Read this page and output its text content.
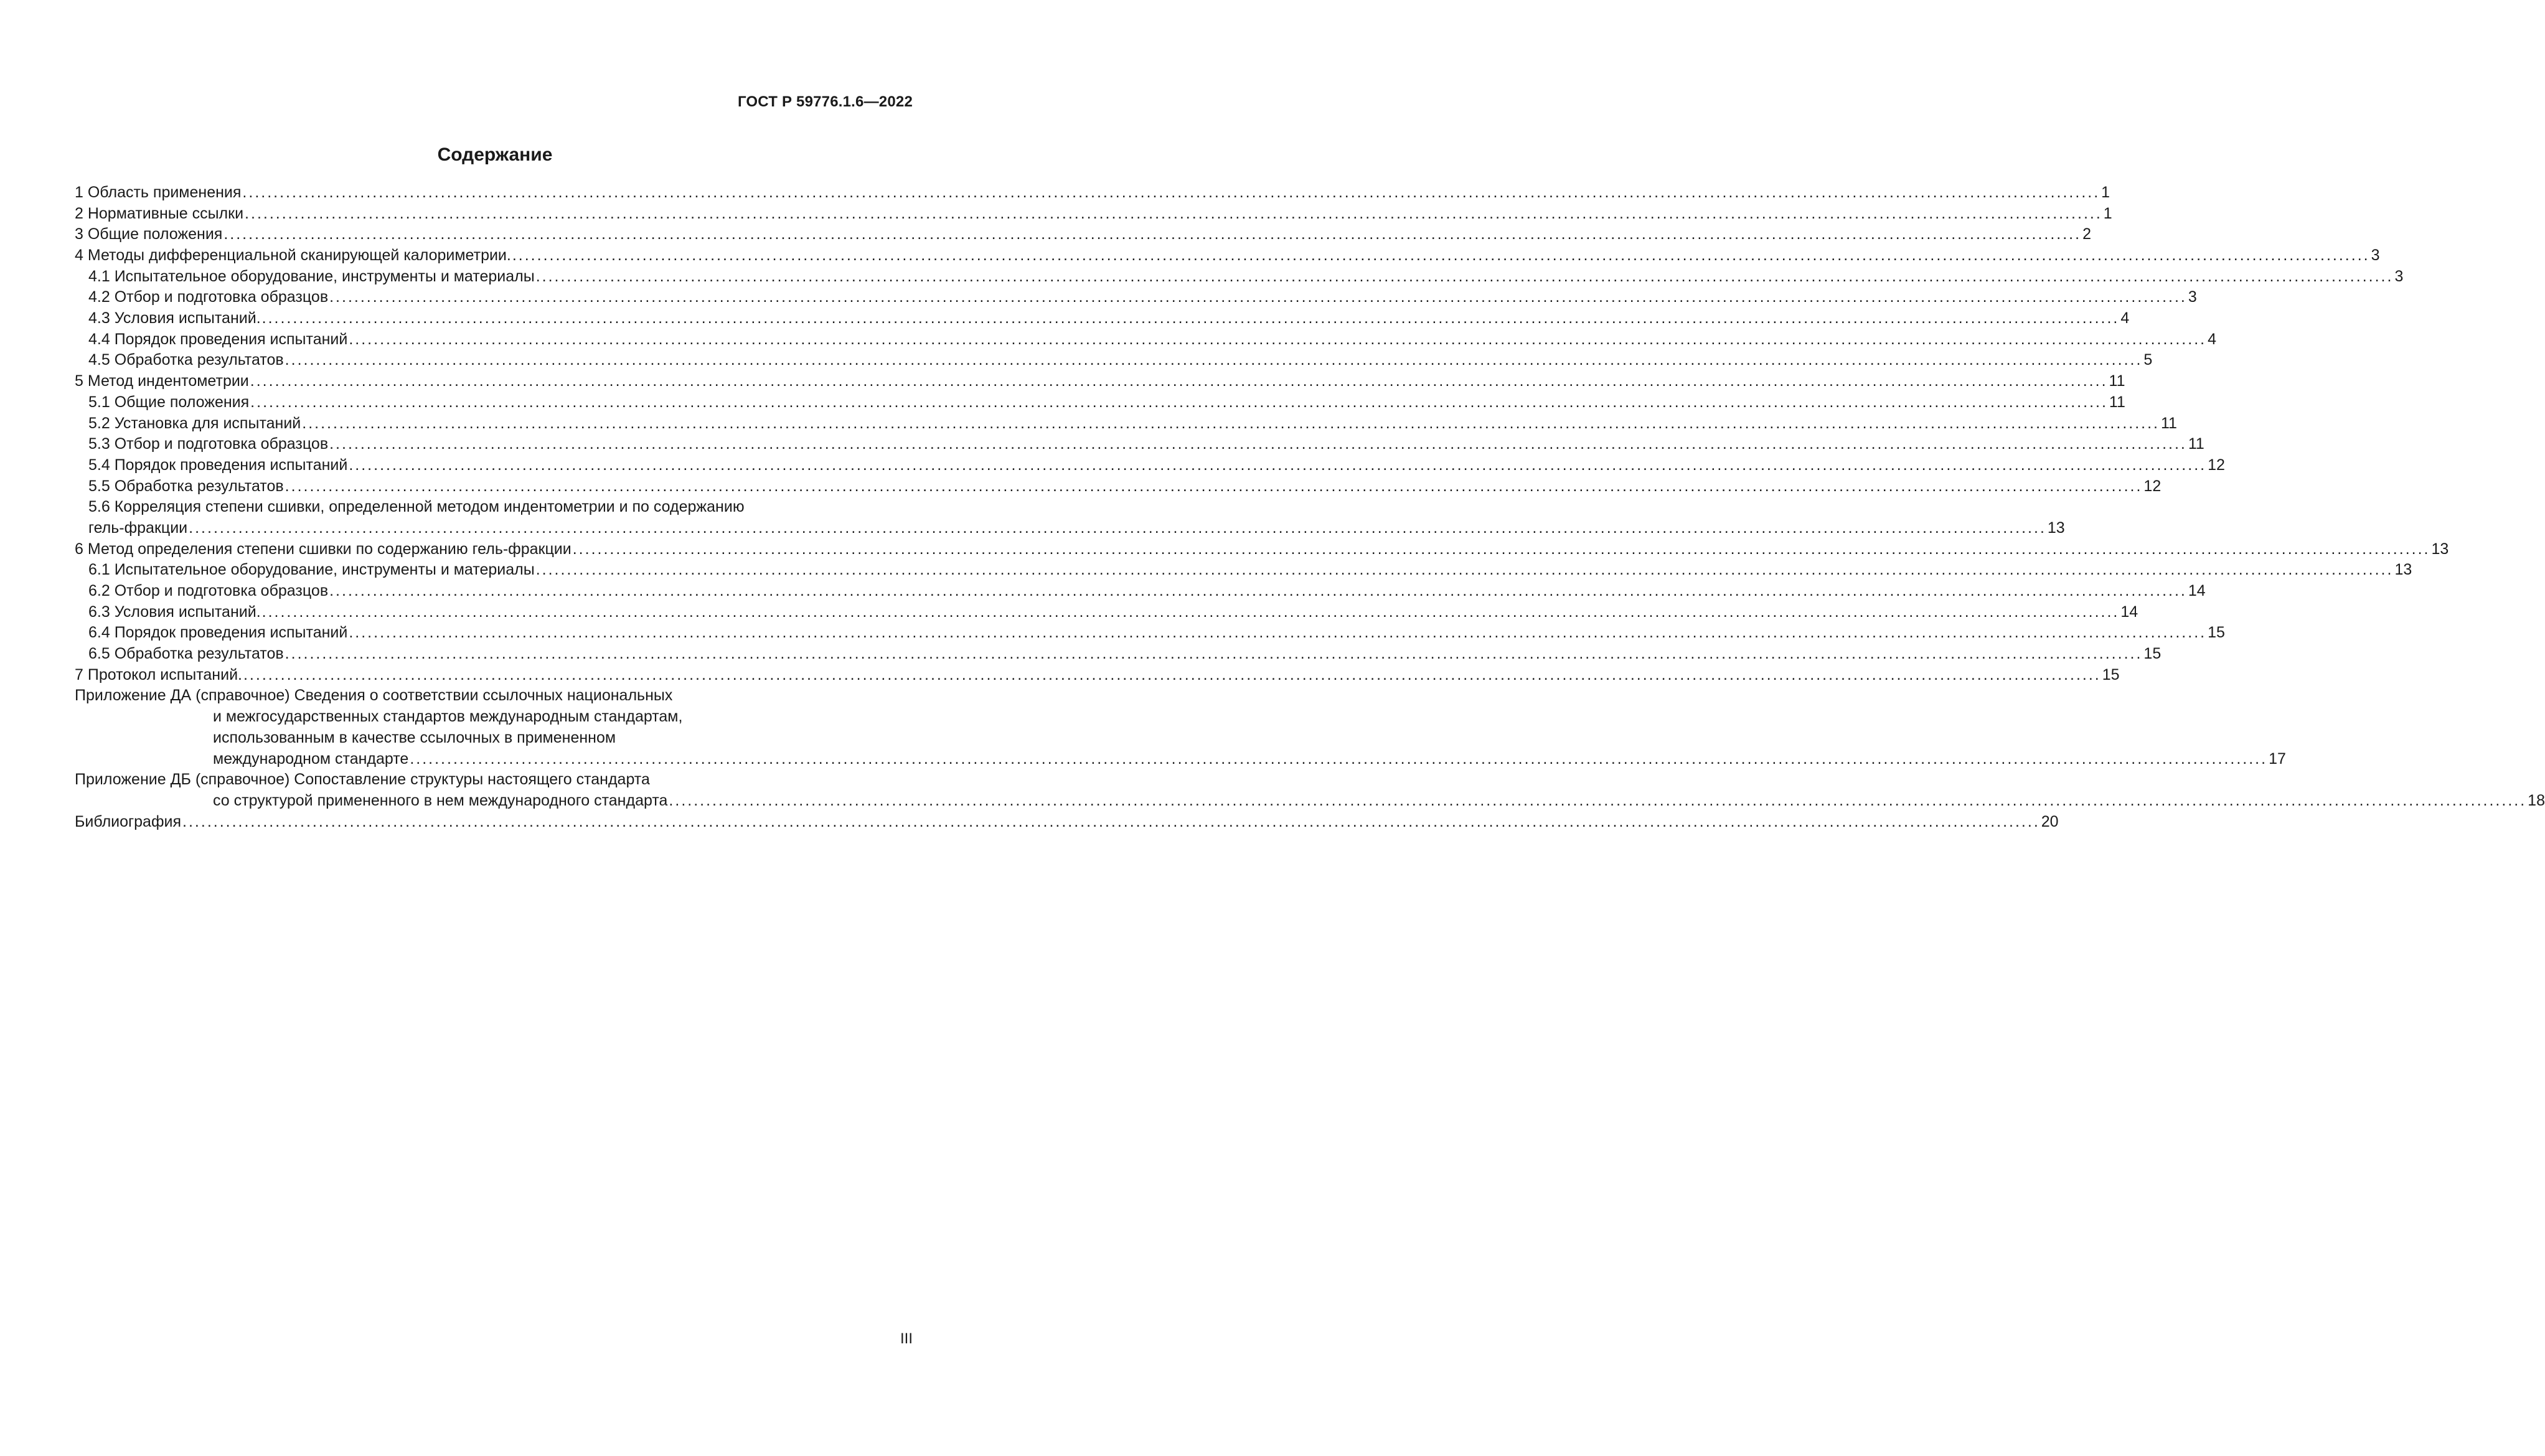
ГОСТ Р 59776.1.6—2022
Содержание
1 Область применения ............................................................................................................................................................................................................................................................................................................ 1
2 Нормативные ссылки ............................................................................................................................................................................................................................................................................................................ 1
3 Общие положения ............................................................................................................................................................................................................................................................................................................ 2
4 Методы дифференциальной сканирующей калориметрии. ............................................................................................................................................................................................................................................................................................................ 3
4.1 Испытательное оборудование, инструменты и материалы ............................................................................................................................................................................................................................................................................................................ 3
4.2 Отбор и подготовка образцов ............................................................................................................................................................................................................................................................................................................ 3
4.3 Условия испытаний. ............................................................................................................................................................................................................................................................................................................ 4
4.4 Порядок проведения испытаний ............................................................................................................................................................................................................................................................................................................ 4
4.5 Обработка результатов ............................................................................................................................................................................................................................................................................................................ 5
5 Метод индентометрии ............................................................................................................................................................................................................................................................................................................ 11
5.1 Общие положения ............................................................................................................................................................................................................................................................................................................ 11
5.2 Установка для испытаний ............................................................................................................................................................................................................................................................................................................ 11
5.3 Отбор и подготовка образцов ............................................................................................................................................................................................................................................................................................................ 11
5.4 Порядок проведения испытаний ............................................................................................................................................................................................................................................................................................................ 12
5.5 Обработка результатов ............................................................................................................................................................................................................................................................................................................ 12
5.6 Корреляция степени сшивки, определенной методом индентометрии и по содержанию
гель-фракции ............................................................................................................................................................................................................................................................................................................ 13
6 Метод определения степени сшивки по содержанию гель-фракции ............................................................................................................................................................................................................................................................................................................ 13
6.1 Испытательное оборудование, инструменты и материалы ............................................................................................................................................................................................................................................................................................................ 13
6.2 Отбор и подготовка образцов ............................................................................................................................................................................................................................................................................................................ 14
6.3 Условия испытаний. ............................................................................................................................................................................................................................................................................................................ 14
6.4 Порядок проведения испытаний ............................................................................................................................................................................................................................................................................................................ 15
6.5 Обработка результатов ............................................................................................................................................................................................................................................................................................................ 15
7 Протокол испытаний. ............................................................................................................................................................................................................................................................................................................ 15
Приложение ДА (справочное) Сведения о соответствии ссылочных национальных
и межгосударственных стандартов международным стандартам,
использованным в качестве ссылочных в примененном
международном стандарте ............................................................................................................................................................................................................................................................................................................ 17
Приложение ДБ (справочное) Сопоставление структуры настоящего стандарта
со структурой примененного в нем международного стандарта ............................................................................................................................................................................................................................................................................................................ 18
Библиография ............................................................................................................................................................................................................................................................................................................ 20
III
